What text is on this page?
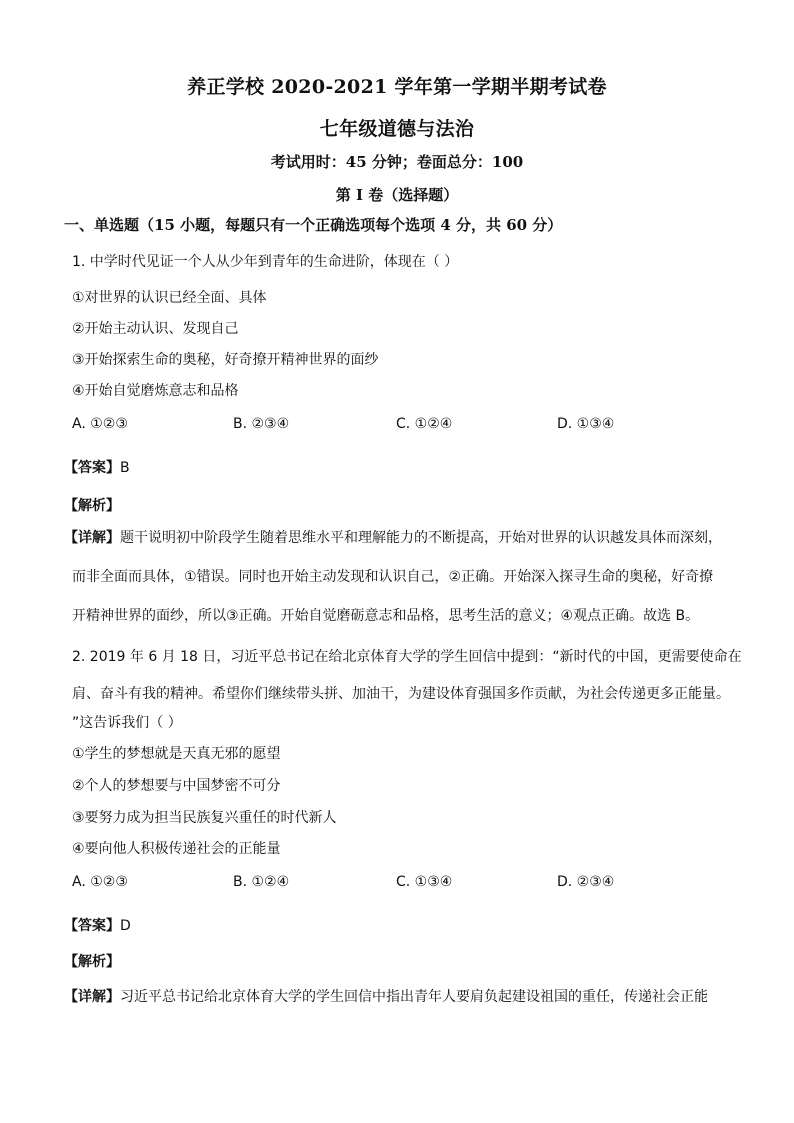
养正学校 2020-2021 学年第一学期半期考试卷
七年级道德与法治
考试用时：45 分钟；卷面总分：100
第 I 卷（选择题）
一、单选题（15 小题，每题只有一个正确选项每个选项 4 分，共 60 分）
1. 中学时代见证一个人从少年到青年的生命进阶，体现在（ ）
①对世界的认识已经全面、具体
②开始主动认识、发现自己
③开始探索生命的奥秘，好奇撩开精神世界的面纱
④开始自觉磨炼意志和品格
A. ①②③	B. ②③④	C. ①②④	D. ①③④
【答案】B
【解析】
【详解】题干说明初中阶段学生随着思维水平和理解能力的不断提高，开始对世界的认识越发具体而深刻，
而非全面而具体，①错误。同时也开始主动发现和认识自己，②正确。开始深入探寻生命的奥秘，好奇撩
开精神世界的面纱，所以③正确。开始自觉磨砺意志和品格，思考生活的意义；④观点正确。故选 B。
2. 2019 年 6 月 18 日，习近平总书记在给北京体育大学的学生回信中提到：“新时代的中国，更需要使命在
肩、奋斗有我的精神。希望你们继续带头拼、加油干，为建设体育强国多作贡献，为社会传递更多正能量。
”这告诉我们（ ）
①学生的梦想就是天真无邪的愿望
②个人的梦想要与中国梦密不可分
③要努力成为担当民族复兴重任的时代新人
④要向他人积极传递社会的正能量
A. ①②③	B. ①②④	C. ①③④	D. ②③④
【答案】D
【解析】
【详解】习近平总书记给北京体育大学的学生回信中指出青年人要肩负起建设祖国的重任，传递社会正能
